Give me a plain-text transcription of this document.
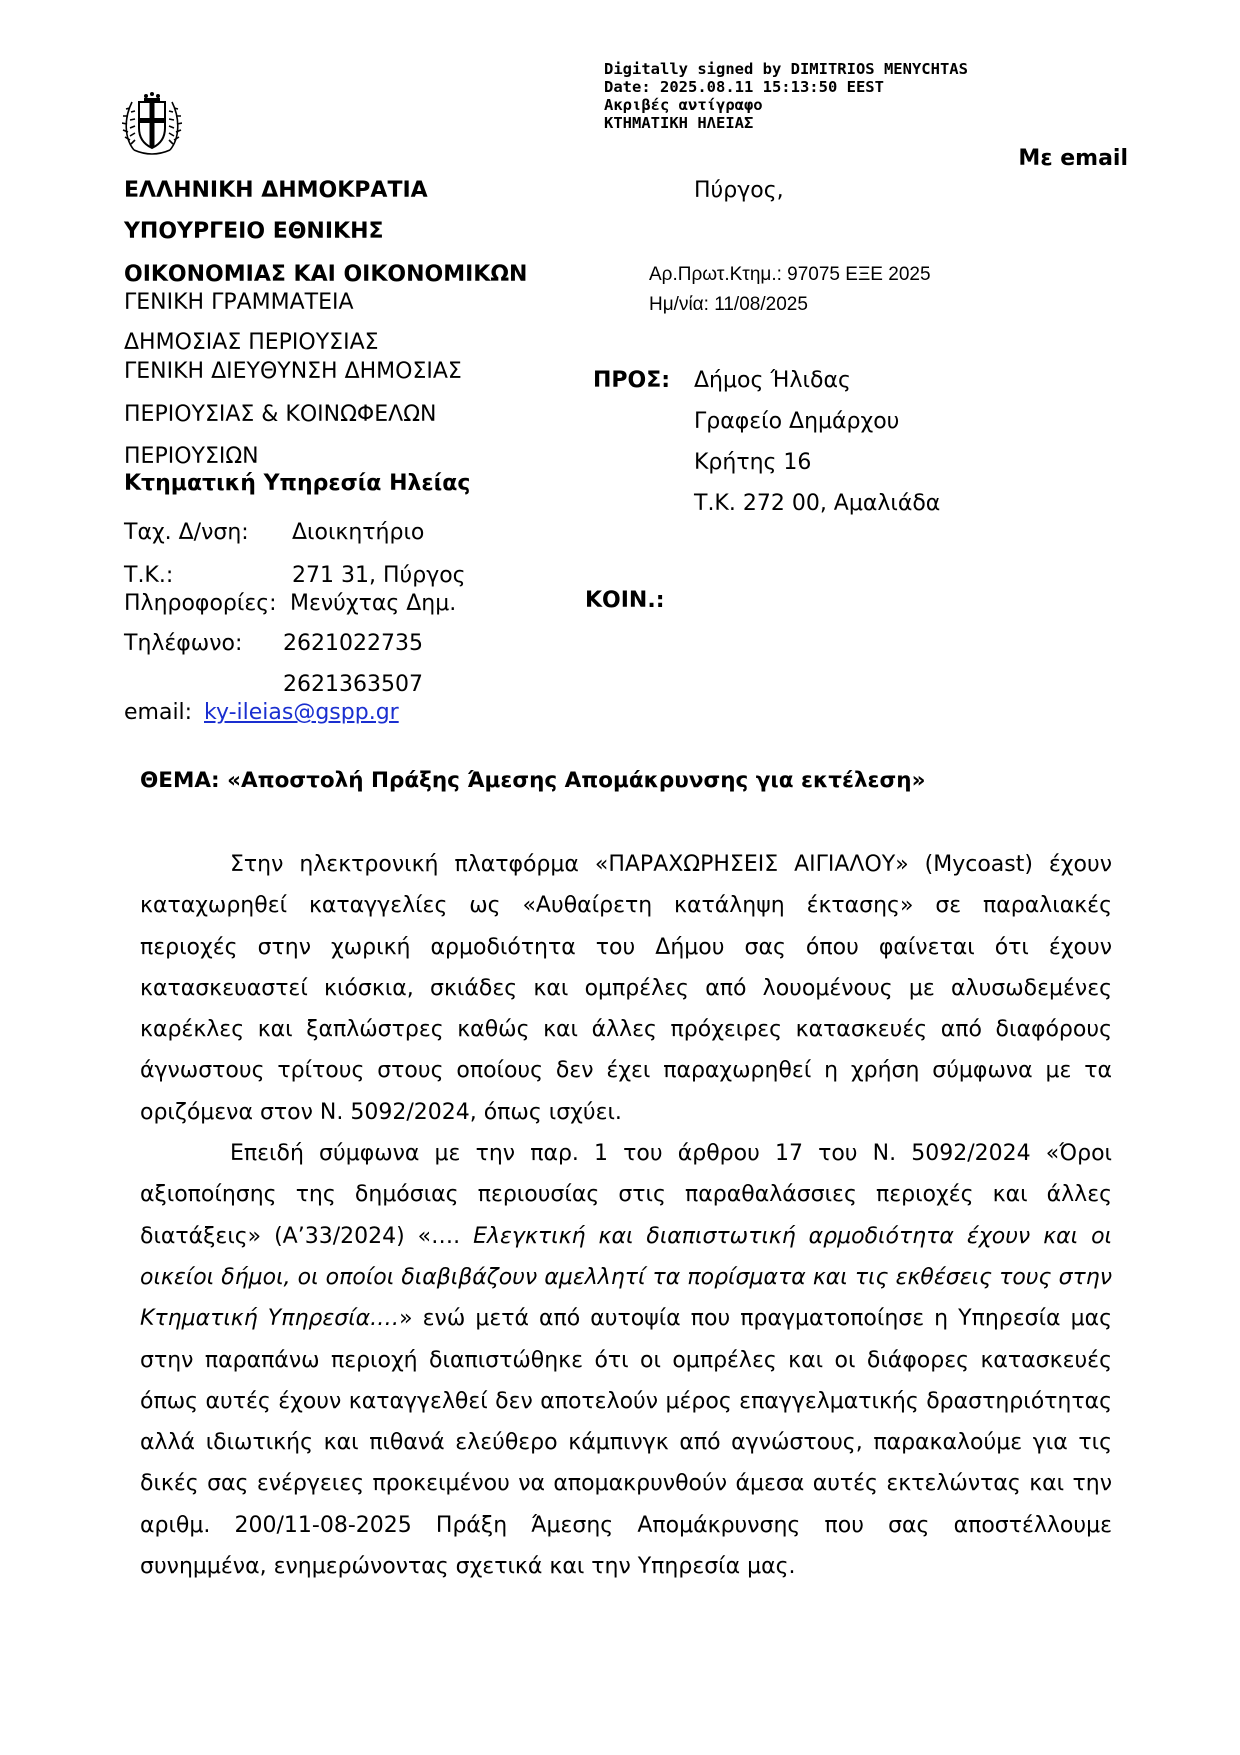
Digitally signed by DIMITRIOS MENYCHTAS
Date: 2025.08.11 15:13:50 EEST
Ακριβές αντίγραφο
ΚΤΗΜΑΤΙΚΗ ΗΛΕΙΑΣ
Με email
ΕΛΛΗΝΙΚΗ ΔΗΜΟΚΡΑΤΙΑ
ΥΠΟΥΡΓΕΙΟ ΕΘΝΙΚΗΣ
ΟΙΚΟΝΟΜΙΑΣ ΚΑΙ ΟΙΚΟΝΟΜΙΚΩΝ
ΓΕΝΙΚΗ ΓΡΑΜΜΑΤΕΙΑ
ΔΗΜΟΣΙΑΣ ΠΕΡΙΟΥΣΙΑΣ
ΓΕΝΙΚΗ ΔΙΕΥΘΥΝΣΗ ΔΗΜΟΣΙΑΣ
ΠΕΡΙΟΥΣΙΑΣ & ΚΟΙΝΩΦΕΛΩΝ
ΠΕΡΙΟΥΣΙΩΝ
Κτηματική Υπηρεσία Ηλείας
Ταχ. Δ/νση: Διοικητήριο
Τ.Κ.:	271 31, Πύργος
Πληροφορίες: Μενύχτας Δημ.
Τηλέφωνο: 2621022735
2621363507
email: ky-ileias@gspp.gr
Πύργος,
Αρ.Πρωτ.Κτημ.: 97075 ΕΞΕ 2025
Ημ/νία: 11/08/2025
ΠΡΟΣ: Δήμος Ήλιδας
Γραφείο Δημάρχου
Κρήτης 16
Τ.Κ. 272 00, Αμαλιάδα
ΚΟΙΝ.:
ΘΕΜΑ: «Αποστολή Πράξης Άμεσης Απομάκρυνσης για εκτέλεση»

Στην ηλεκτρονική πλατφόρμα «ΠΑΡΑΧΩΡΗΣΕΙΣ ΑΙΓΙΑΛΟΥ» (Mycoast) έχουν καταχωρηθεί καταγγελίες ως «Αυθαίρετη κατάληψη έκτασης» σε παραλιακές περιοχές στην χωρική αρμοδιότητα του Δήμου σας όπου φαίνεται ότι έχουν κατασκευαστεί κιόσκια, σκιάδες και ομπρέλες από λουομένους με αλυσωδεμένες καρέκλες και ξαπλώστρες καθώς και άλλες πρόχειρες κατασκευές από διαφόρους άγνωστους τρίτους στους οποίους δεν έχει παραχωρηθεί η χρήση σύμφωνα με τα οριζόμενα στον Ν. 5092/2024, όπως ισχύει.

Επειδή σύμφωνα με την παρ. 1 του άρθρου 17 του Ν. 5092/2024 «Όροι αξιοποίησης της δημόσιας περιουσίας στις παραθαλάσσιες περιοχές και άλλες διατάξεις» (Α’33/2024) «…. Ελεγκτική και διαπιστωτική αρμοδιότητα έχουν και οι οικείοι δήμοι, οι οποίοι διαβιβάζουν αμελλητί τα πορίσματα και τις εκθέσεις τους στην Κτηματική Υπηρεσία.…» ενώ μετά από αυτοψία που πραγματοποίησε η Υπηρεσία μας στην παραπάνω περιοχή διαπιστώθηκε ότι οι ομπρέλες και οι διάφορες κατασκευές όπως αυτές έχουν καταγγελθεί δεν αποτελούν μέρος επαγγελματικής δραστηριότητας αλλά ιδιωτικής και πιθανά ελεύθερο κάμπινγκ από αγνώστους, παρακαλούμε για τις δικές σας ενέργειες προκειμένου να απομακρυνθούν άμεσα αυτές εκτελώντας και την αριθμ. 200/11-08-2025 Πράξη Άμεσης Απομάκρυνσης που σας αποστέλλουμε συνημμένα, ενημερώνοντας σχετικά και την Υπηρεσία μας.
